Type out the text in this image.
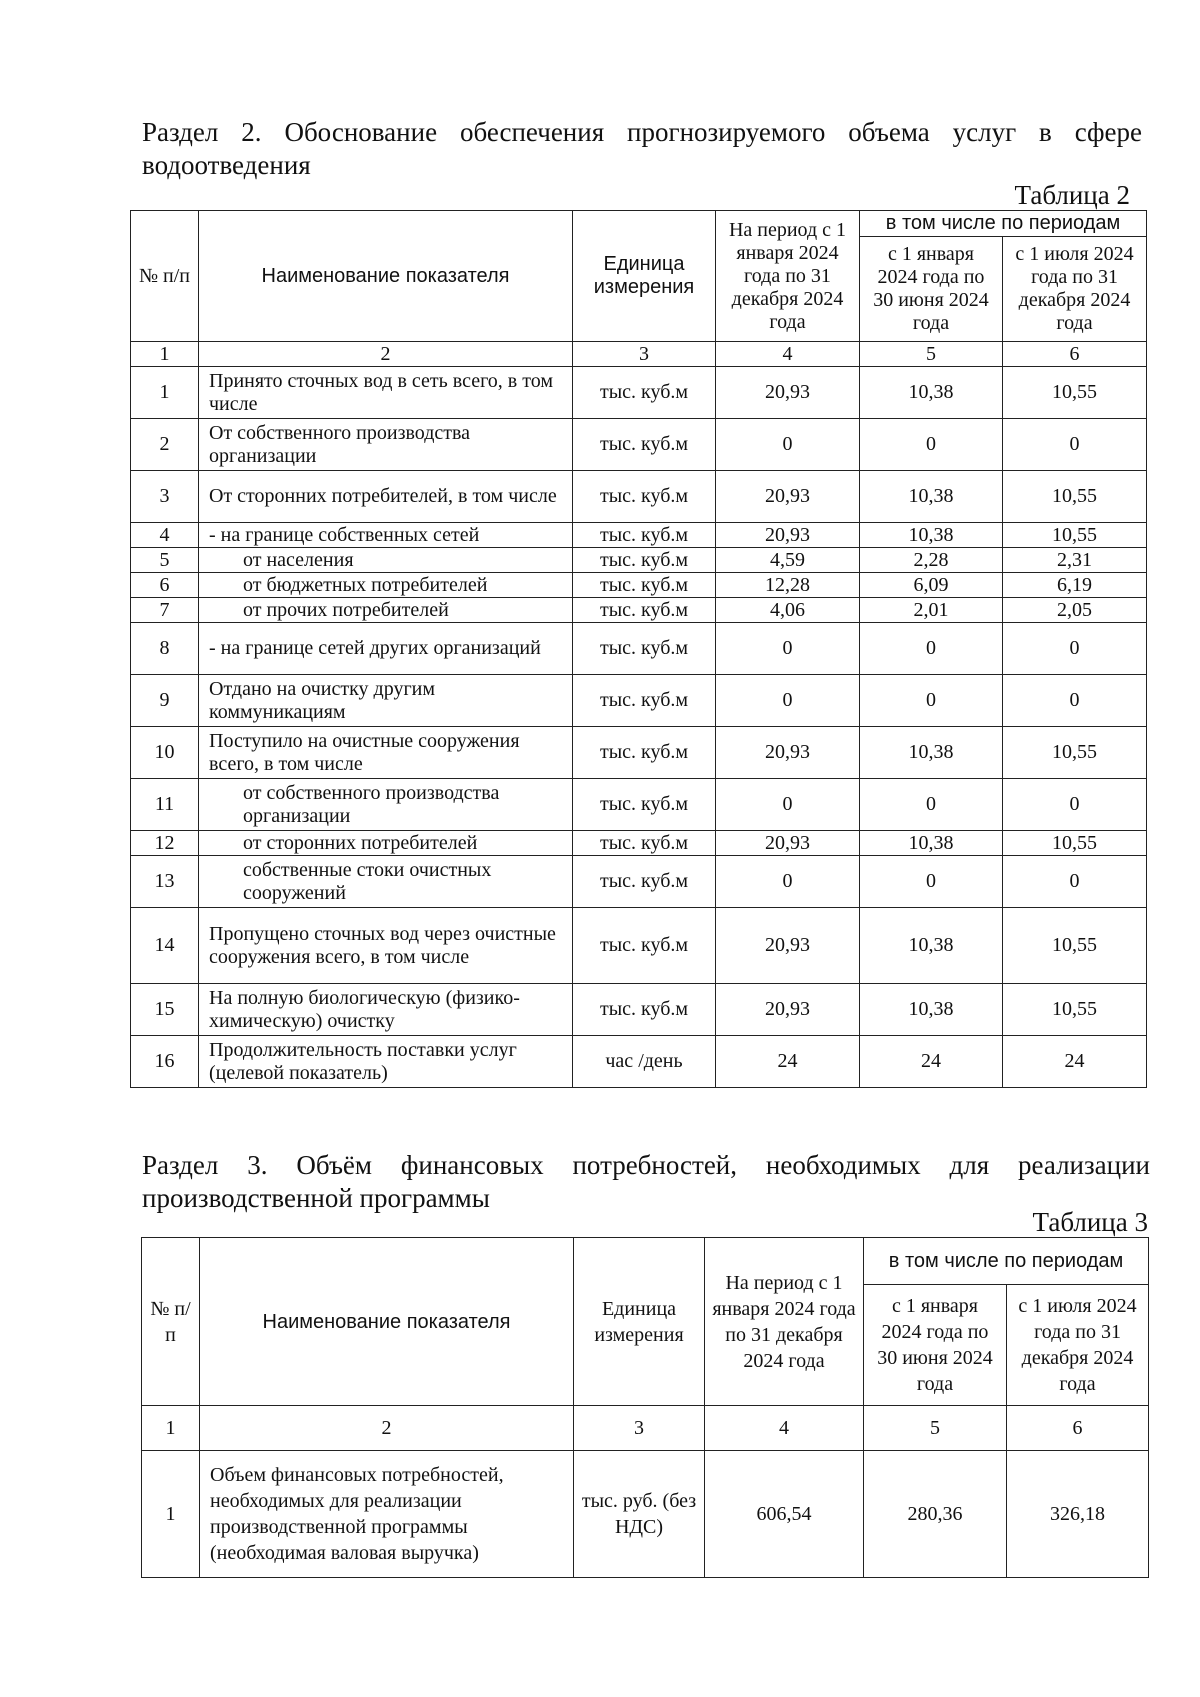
Раздел 2. Обоснование обеспечения прогнозируемого объема услуг в сфере водоотведения
Таблица 2
№ п/п	Наименование показателя	Единица измерения	На период с 1 января 2024 года по 31 декабря 2024 года	в том числе по периодам	
				с 1 января 2024 года по 30 июня 2024 года	с 1 июля 2024 года по 31 декабря 2024 года
1	2	3	4	5	6
1	Принято сточных вод в сеть всего, в том числе	тыс. куб.м	20,93	10,38	10,55
2	От собственного производства организации	тыс. куб.м	0	0	0
3	От сторонних потребителей, в том числе	тыс. куб.м	20,93	10,38	10,55
4	- на границе собственных сетей	тыс. куб.м	20,93	10,38	10,55
5	от населения	тыс. куб.м	4,59	2,28	2,31
6	от бюджетных потребителей	тыс. куб.м	12,28	6,09	6,19
7	от прочих потребителей	тыс. куб.м	4,06	2,01	2,05
8	- на границе сетей других организаций	тыс. куб.м	0	0	0
9	Отдано на очистку другим коммуникациям	тыс. куб.м	0	0	0
10	Поступило на очистные сооружения всего, в том числе	тыс. куб.м	20,93	10,38	10,55
11	от собственного производства организации	тыс. куб.м	0	0	0
12	от сторонних потребителей	тыс. куб.м	20,93	10,38	10,55
13	собственные стоки очистных сооружений	тыс. куб.м	0	0	0
14	Пропущено сточных вод через очистные сооружения всего, в том числе	тыс. куб.м	20,93	10,38	10,55
15	На полную биологическую (физико-химическую) очистку	тыс. куб.м	20,93	10,38	10,55
16	Продолжительность поставки услуг (целевой показатель)	час /день	24	24	24
Раздел 3. Объём финансовых потребностей, необходимых для реализации производственной программы
Таблица 3
№ п/п	Наименование показателя	Единица измерения	На период с 1 января 2024 года по 31 декабря 2024 года	в том числе по периодам	
				с 1 января 2024 года по 30 июня 2024 года	с 1 июля 2024 года по 31 декабря 2024 года
1	2	3	4	5	6
1	Объем финансовых потребностей, необходимых для реализации производственной программы (необходимая валовая выручка)	тыс. руб. (без НДС)	606,54	280,36	326,18
